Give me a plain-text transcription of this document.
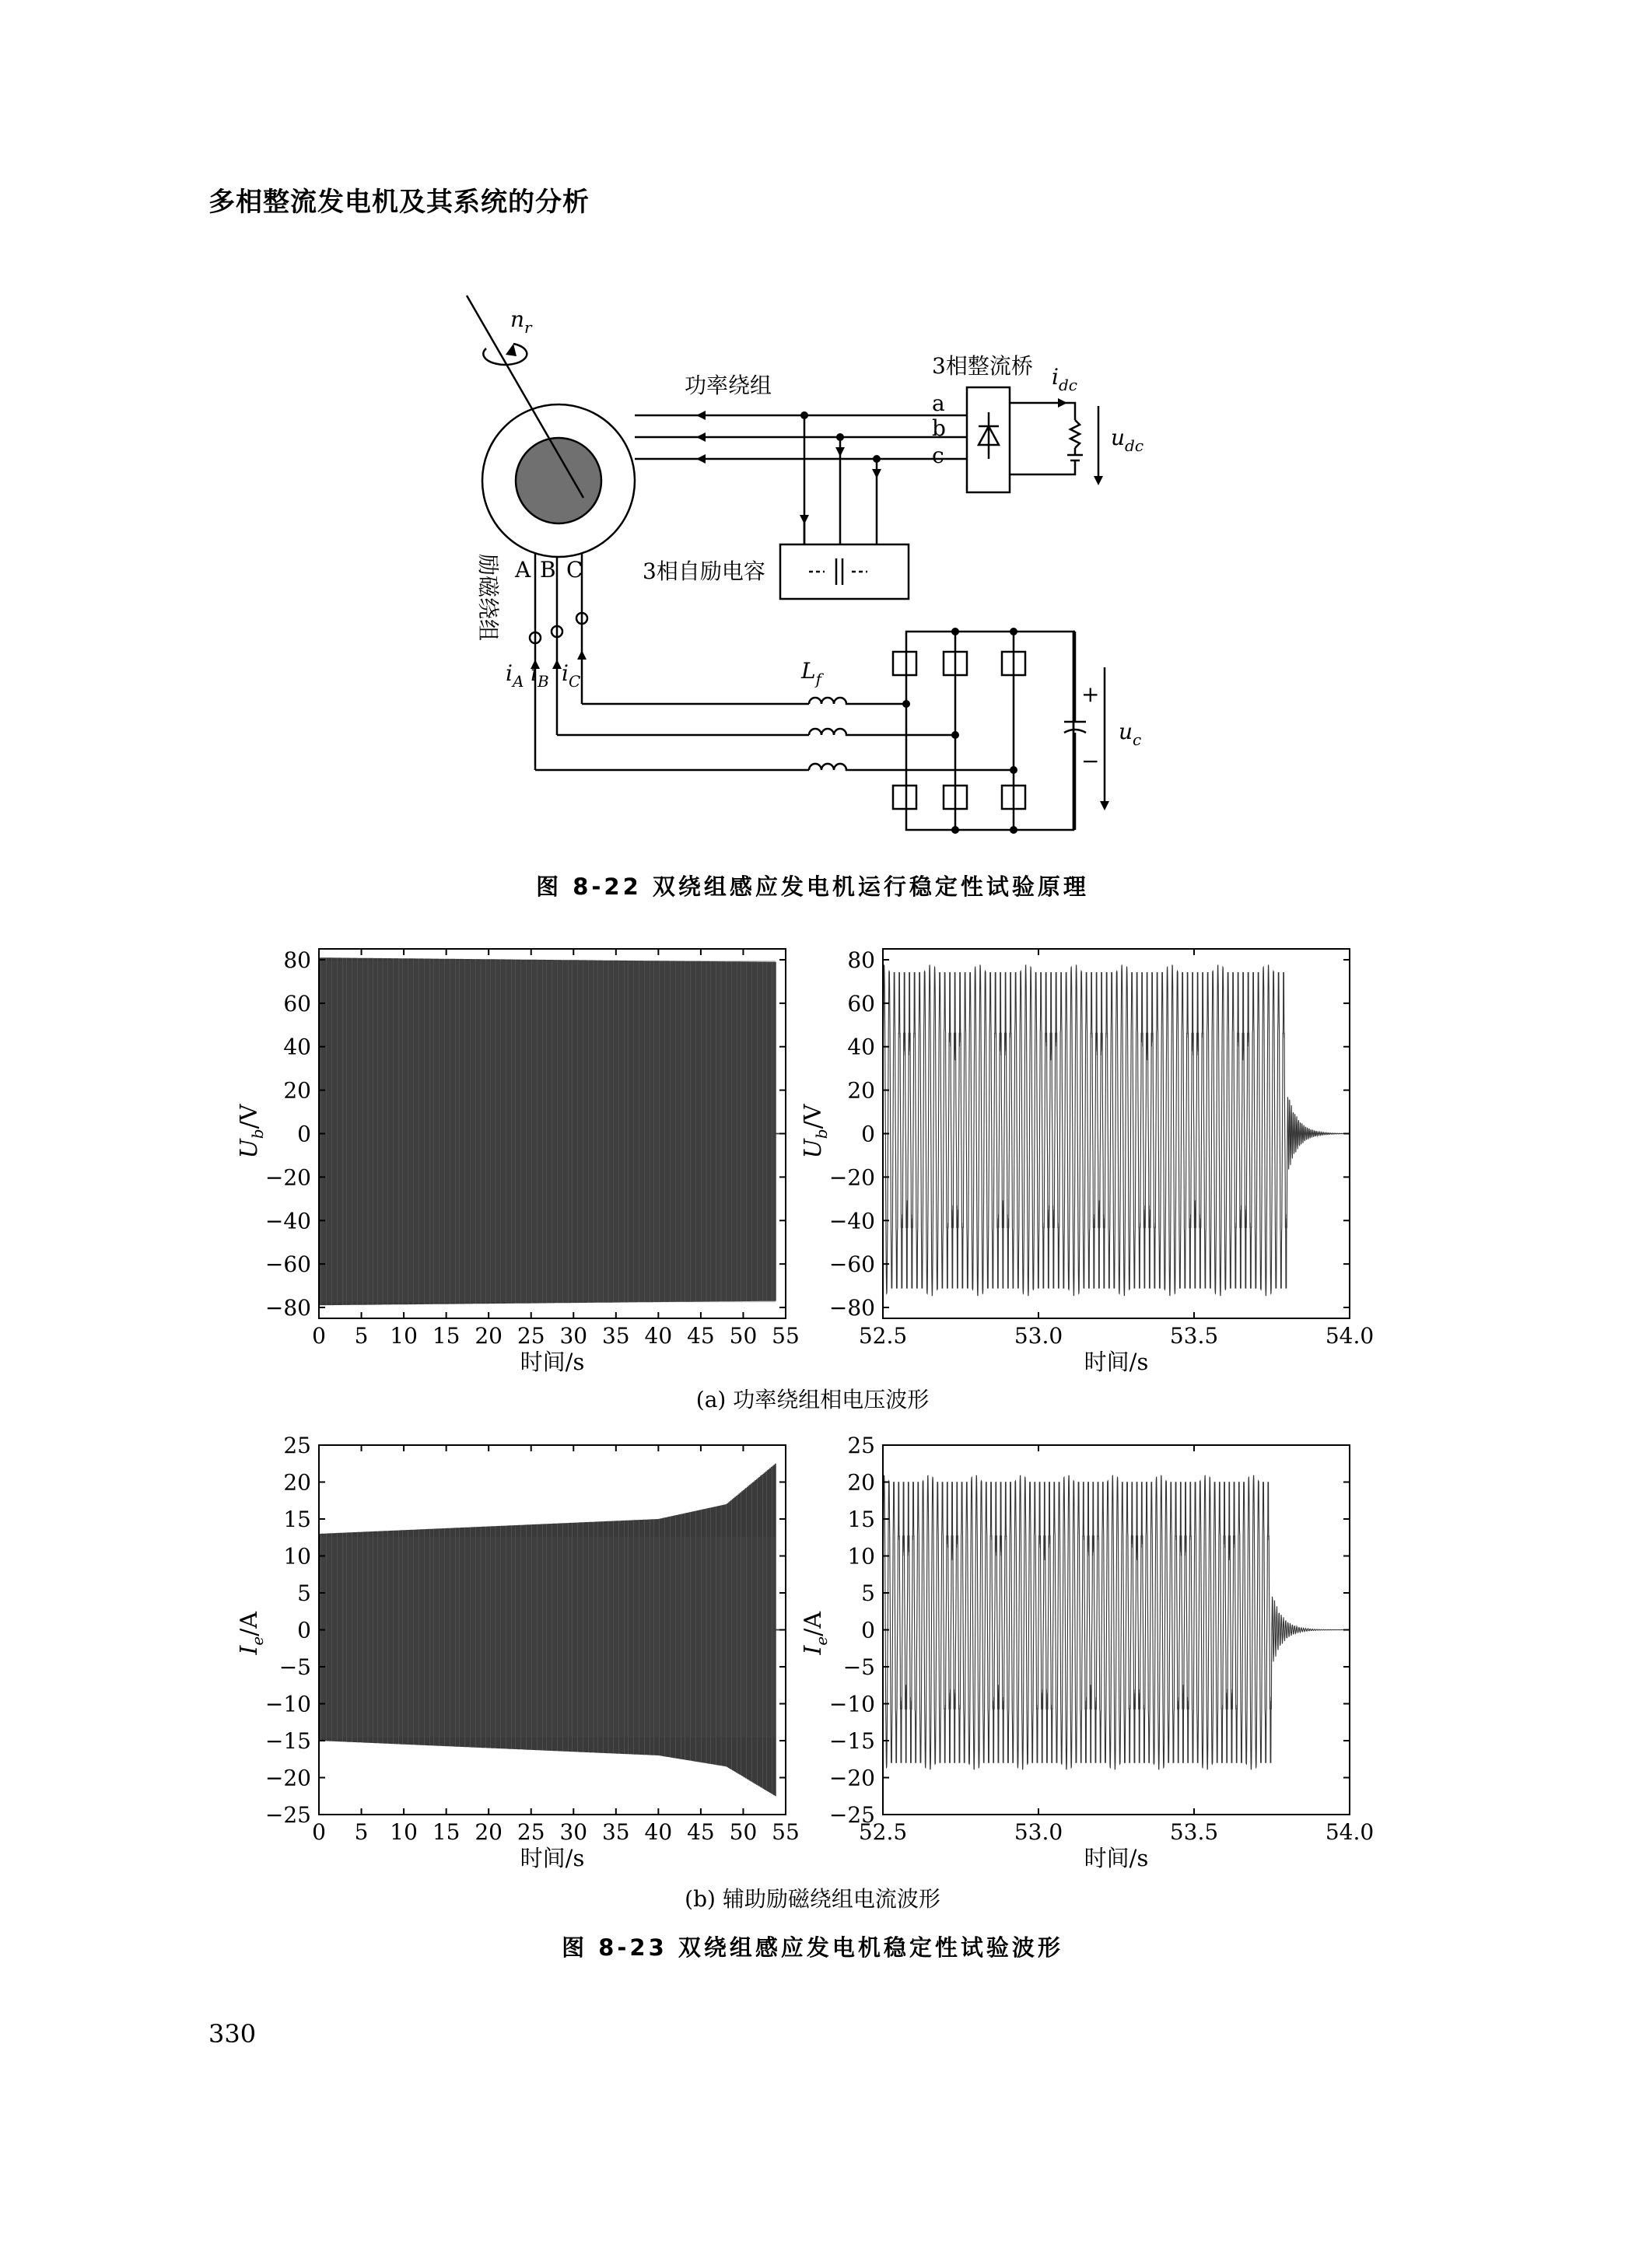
多相整流发电机及其系统的分析
$n_r$
功率绕组
3相整流桥
a
b
c
$i_{dc}$
$u_{dc}$
3相自励电容
A B C
$i_A$ $i_B$ $i_C$	$L_f$
+
−
$u_c$
励磁绕组
图 8-22 双绕组感应发电机运行稳定性试验原理
0 5 10 15 20 25 30 35 40 45 50 55
80
60
40
20
0
−20
−40
−60
−80
时间/s
$U_b/V$
52.5	53.0	53.5	54.0
80
60
40
20
0
−20
−40
−60
−80
时间/s
$U_b/V$
0 5 10 15 20 25 30 35 40 45 50 55
25
20
15
10
5
0
−5
−10
−15
−20
−25
时间/s
$I_e/A$
52.5	53.0	53.5	54.0
25
20
15
10
5
0
−5
−10
−15
−20
−25
时间/s
$I_e/A$
(a) 功率绕组相电压波形
(b) 辅助励磁绕组电流波形
图 8-23 双绕组感应发电机稳定性试验波形
330
